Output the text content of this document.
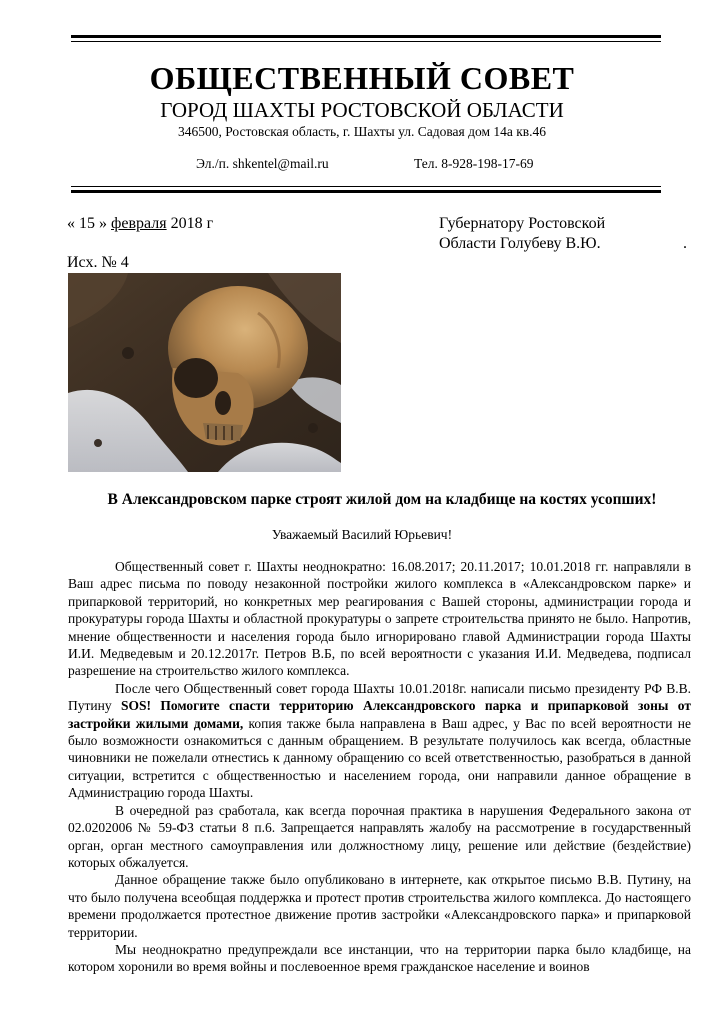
ОБЩЕСТВЕННЫЙ СОВЕТ
ГОРОД ШАХТЫ РОСТОВСКОЙ ОБЛАСТИ
346500, Ростовская область, г. Шахты ул. Садовая дом 14а кв.46
Эл./п. shkentel@mail.ru	Тел. 8-928-198-17-69
« 15 » февраля 2018 г	Губернатору Ростовской
Области Голубеву В.Ю.	.
Исх. № 4
В Александровском парке строят жилой дом на кладбище на костях усопших!
Уважаемый Василий Юрьевич!

Общественный совет г. Шахты неоднократно: 16.08.2017; 20.11.2017; 10.01.2018 гг. направляли в Ваш адрес письма по поводу незаконной постройки жилого комплекса в «Александровском парке» и припарковой территорий, но конкретных мер реагирования с Вашей стороны, администрации города и прокуратуры города Шахты и областной прокуратуры о запрете строительства принято не было. Напротив, мнение общественности и населения города было игнорировано главой Администрации города Шахты И.И. Медведевым и 20.12.2017г. Петров В.Б, по всей вероятности с указания И.И. Медведева, подписал разрешение на строительство жилого комплекса.

После чего Общественный совет города Шахты 10.01.2018г. написали письмо президенту РФ В.В. Путину SOS! Помогите спасти территорию Александровского парка и припарковой зоны от застройки жилыми домами, копия также была направлена в Ваш адрес, у Вас по всей вероятности не было возможности ознакомиться с данным обращением. В результате получилось как всегда, областные чиновники не пожелали отнестись к данному обращению со всей ответственностью, разобраться в данной ситуации, встретится с общественностью и населением города, они направили данное обращение в Администрацию города Шахты.

В очередной раз сработала, как всегда порочная практика в нарушения Федерального закона от 02.0202006 № 59-ФЗ статьи 8 п.6. Запрещается направлять жалобу на рассмотрение в государственный орган, орган местного самоуправления или должностному лицу, решение или действие (бездействие) которых обжалуется.

Данное обращение также было опубликовано в интернете, как открытое письмо В.В. Путину, на что было получена всеобщая поддержка и протест против строительства жилого комплекса. До настоящего времени продолжается протестное движение против застройки «Александровского парка» и припарковой территории.

Мы неоднократно предупреждали все инстанции, что на территории парка было кладбище, на котором хоронили во время войны и послевоенное время гражданское население и воинов
